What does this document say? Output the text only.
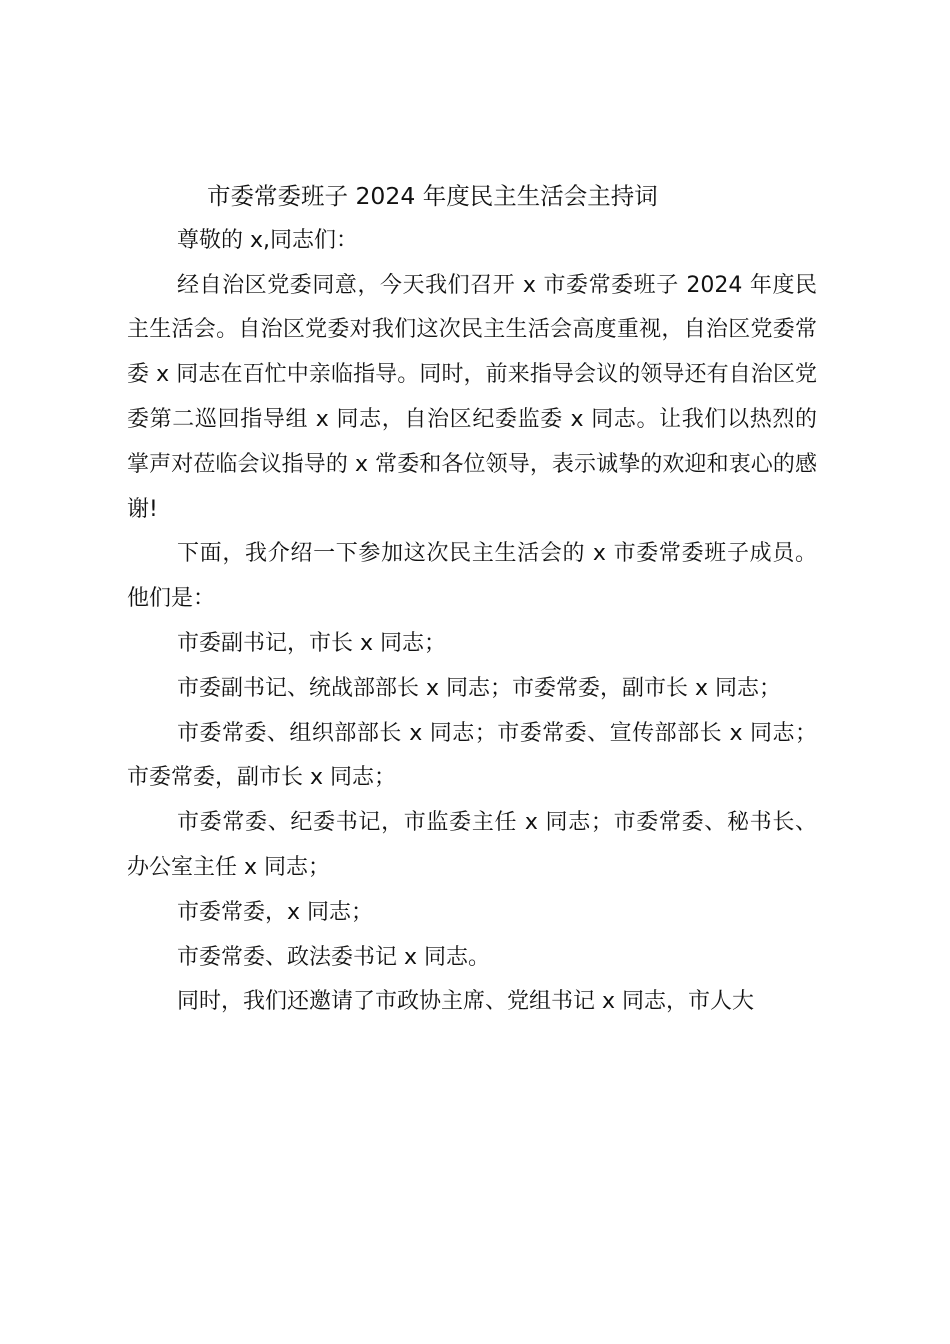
市委常委班子 2024 年度民主生活会主持词

尊敬的 x,同志们：

经自治区党委同意，今天我们召开 x 市委常委班子 2024 年度民主生活会。自治区党委对我们这次民主生活会高度重视，自治区党委常委 x 同志在百忙中亲临指导。同时，前来指导会议的领导还有自治区党委第二巡回指导组 x 同志，自治区纪委监委 x 同志。让我们以热烈的掌声对莅临会议指导的 x 常委和各位领导，表示诚挚的欢迎和衷心的感谢!

下面，我介绍一下参加这次民主生活会的 x 市委常委班子成员。他们是：

市委副书记，市长 x 同志；

市委副书记、统战部部长 x 同志；市委常委，副市长 x 同志；

市委常委、组织部部长 x 同志；市委常委、宣传部部长 x 同志；市委常委，副市长 x 同志；

市委常委、纪委书记，市监委主任 x 同志；市委常委、秘书长、办公室主任 x 同志；

市委常委，x 同志；

市委常委、政法委书记 x 同志。

同时，我们还邀请了市政协主席、党组书记 x 同志，市人大
